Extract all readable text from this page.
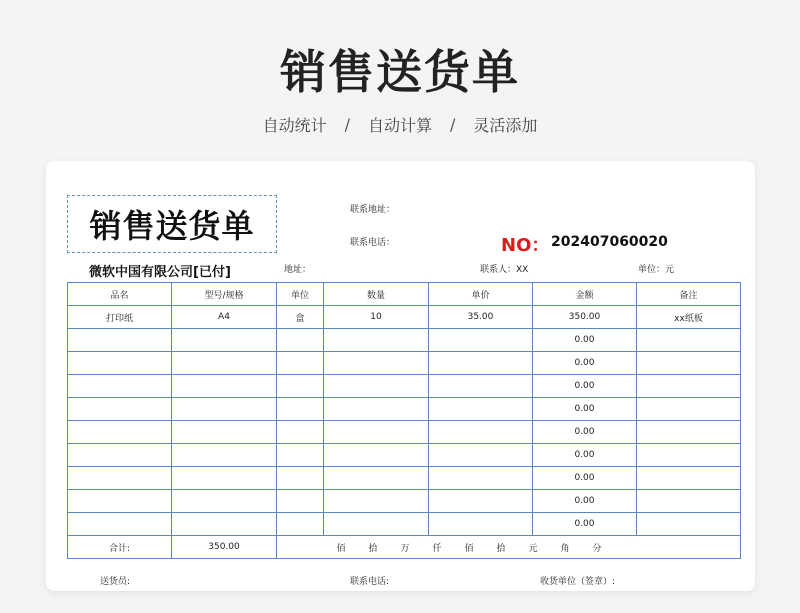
销售送货单
自动统计 / 自动计算 / 灵活添加
销售送货单	联系地址：
联系电话：	NO： 202407060020
微软中国有限公司[已付]	地址：	联系人：XX	单位：元
品名	型号/规格	单位	数量	单价	金额	备注
打印纸	A4	盒	10	35.00	350.00	xx纸板
					0.00	
					0.00	
					0.00	
					0.00	
					0.00	
					0.00	
					0.00	
					0.00	
					0.00	
合计:	350.00	佰 拾 万 仟 佰 拾 元 角 分				
送货员:	联系电话:	收货单位（签章）:
